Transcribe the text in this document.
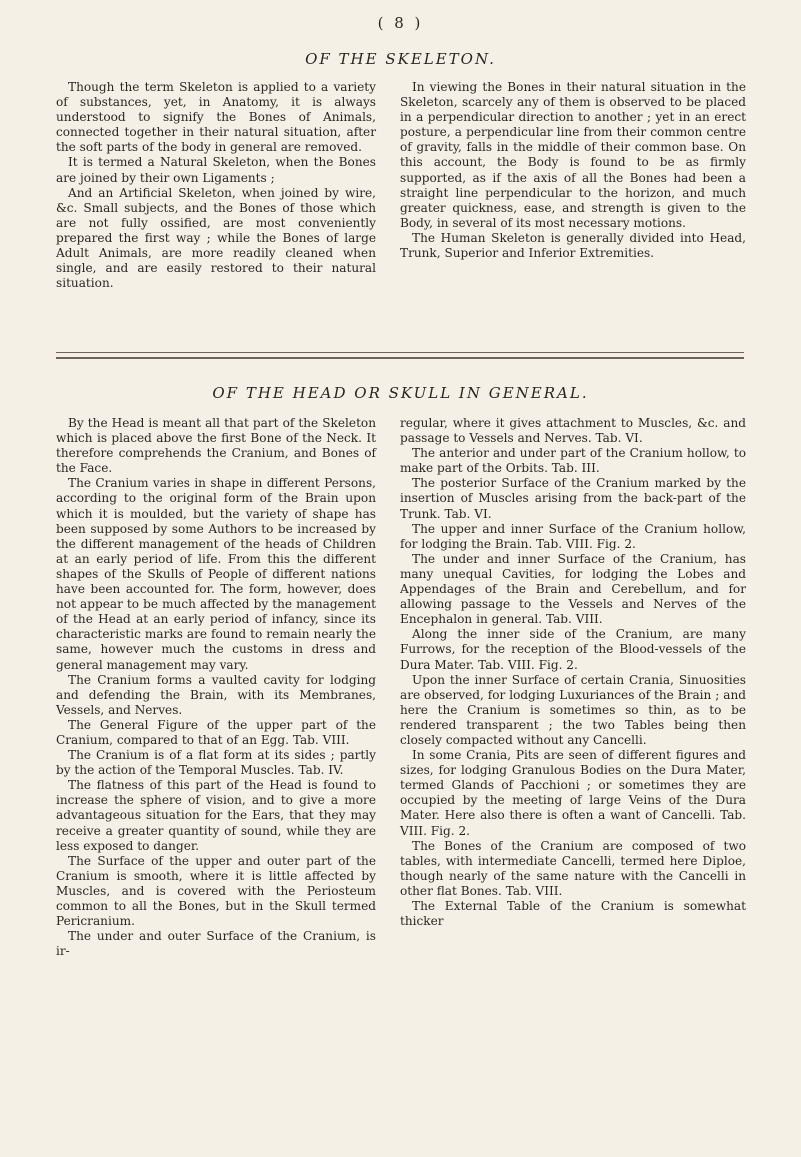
( 8 )
OF THE SKELETON.

Though the term Skeleton is applied to a variety of substances, yet, in Anatomy, it is always understood to signify the Bones of Animals, connected together in their natural situation, after the soft parts of the body in general are removed.

It is termed a Natural Skeleton, when the Bones are joined by their own Ligaments ;

And an Artificial Skeleton, when joined by wire, &c. Small subjects, and the Bones of those which are not fully ossified, are most conveniently prepared the first way ; while the Bones of large Adult Animals, are more readily cleaned when single, and are easily restored to their natural situation.

In viewing the Bones in their natural situation in the Skeleton, scarcely any of them is observed to be placed in a perpendicular direction to another ; yet in an erect posture, a perpendicular line from their common centre of gravity, falls in the middle of their common base. On this account, the Body is found to be as firmly supported, as if the axis of all the Bones had been a straight line perpendicular to the horizon, and much greater quickness, ease, and strength is given to the Body, in several of its most necessary motions.

The Human Skeleton is generally divided into Head, Trunk, Superior and Inferior Extremities.

OF THE HEAD OR SKULL IN GENERAL.

By the Head is meant all that part of the Skeleton which is placed above the first Bone of the Neck. It therefore comprehends the Cranium, and Bones of the Face.

The Cranium varies in shape in different Persons, according to the original form of the Brain upon which it is moulded, but the variety of shape has been supposed by some Authors to be increased by the different management of the heads of Children at an early period of life. From this the different shapes of the Skulls of People of different nations have been accounted for. The form, however, does not appear to be much affected by the management of the Head at an early period of infancy, since its characteristic marks are found to remain nearly the same, however much the customs in dress and general management may vary.

The Cranium forms a vaulted cavity for lodging and defending the Brain, with its Membranes, Vessels, and Nerves.

The General Figure of the upper part of the Cranium, compared to that of an Egg. Tab. VIII.

The Cranium is of a flat form at its sides ; partly by the action of the Temporal Muscles. Tab. IV.

The flatness of this part of the Head is found to increase the sphere of vision, and to give a more advantageous situation for the Ears, that they may receive a greater quantity of sound, while they are less exposed to danger.

The Surface of the upper and outer part of the Cranium is smooth, where it is little affected by Muscles, and is covered with the Periosteum common to all the Bones, but in the Skull termed Pericranium.

The under and outer Surface of the Cranium, is ir-

regular, where it gives attachment to Muscles, &c. and passage to Vessels and Nerves. Tab. VI.

The anterior and under part of the Cranium hollow, to make part of the Orbits. Tab. III.

The posterior Surface of the Cranium marked by the insertion of Muscles arising from the back-part of the Trunk. Tab. VI.

The upper and inner Surface of the Cranium hollow, for lodging the Brain. Tab. VIII. Fig. 2.

The under and inner Surface of the Cranium, has many unequal Cavities, for lodging the Lobes and Appendages of the Brain and Cerebellum, and for allowing passage to the Vessels and Nerves of the Encephalon in general. Tab. VIII.

Along the inner side of the Cranium, are many Furrows, for the reception of the Blood-vessels of the Dura Mater. Tab. VIII. Fig. 2.

Upon the inner Surface of certain Crania, Sinuosities are observed, for lodging Luxuriances of the Brain ; and here the Cranium is sometimes so thin, as to be rendered transparent ; the two Tables being then closely compacted without any Cancelli.

In some Crania, Pits are seen of different figures and sizes, for lodging Granulous Bodies on the Dura Mater, termed Glands of Pacchioni ; or sometimes they are occupied by the meeting of large Veins of the Dura Mater. Here also there is often a want of Cancelli. Tab. VIII. Fig. 2.

The Bones of the Cranium are composed of two tables, with intermediate Cancelli, termed here Diploe, though nearly of the same nature with the Cancelli in other flat Bones. Tab. VIII.

The External Table of the Cranium is somewhat thicker
